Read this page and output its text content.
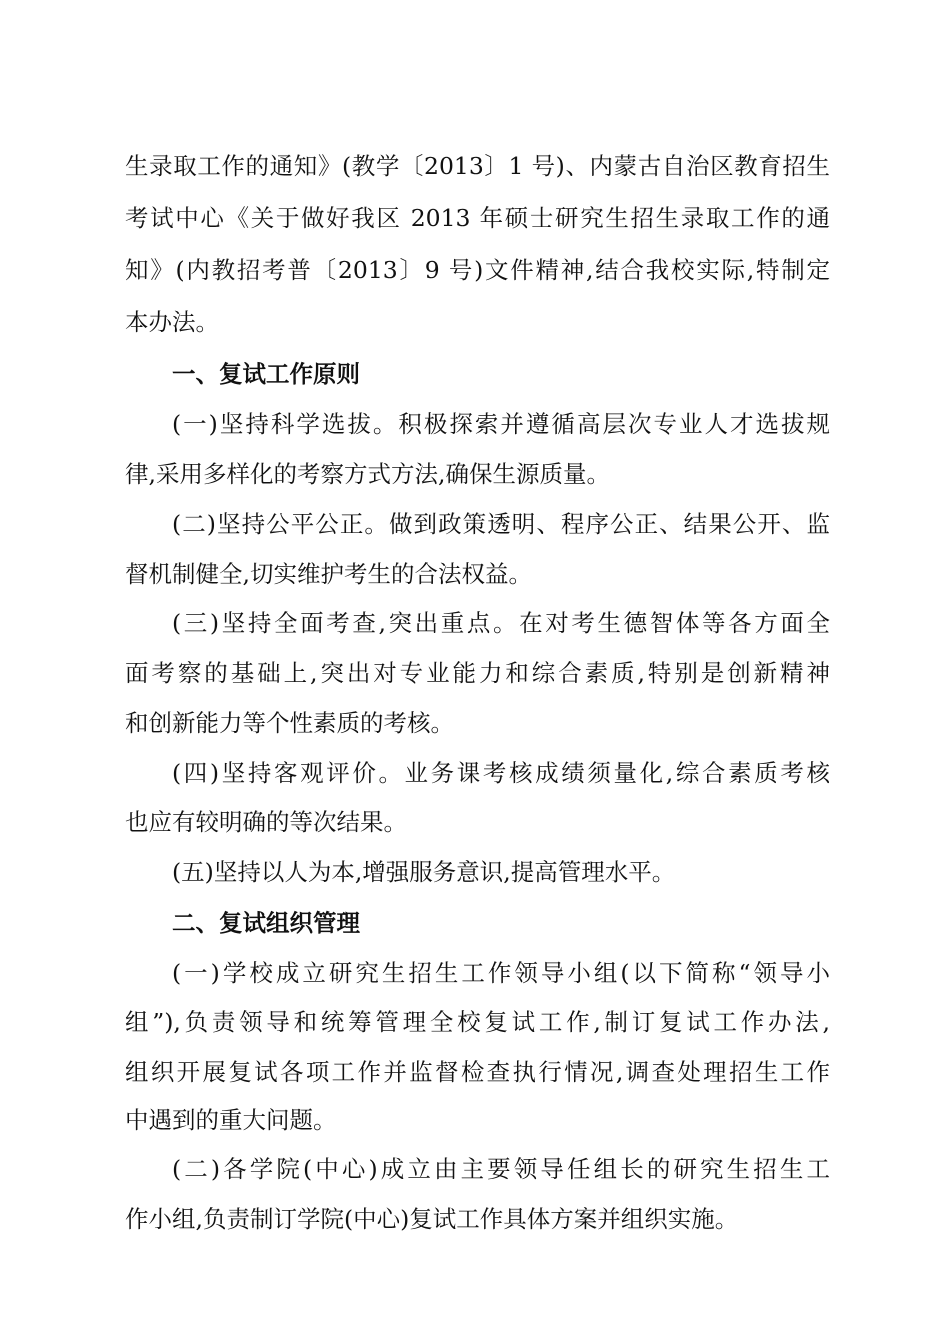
生录取工作的通知》(教学〔2013〕1 号)、内蒙古自治区教育招生
考试中心《关于做好我区 2013 年硕士研究生招生录取工作的通
知》(内教招考普〔2013〕9 号)文件精神,结合我校实际,特制定
本办法。
一、复试工作原则
(一)坚持科学选拔。积极探索并遵循高层次专业人才选拔规
律,采用多样化的考察方式方法,确保生源质量。
(二)坚持公平公正。做到政策透明、程序公正、结果公开、监
督机制健全,切实维护考生的合法权益。
(三)坚持全面考查,突出重点。在对考生德智体等各方面全
面考察的基础上,突出对专业能力和综合素质,特别是创新精神
和创新能力等个性素质的考核。
(四)坚持客观评价。业务课考核成绩须量化,综合素质考核
也应有较明确的等次结果。
(五)坚持以人为本,增强服务意识,提高管理水平。
二、复试组织管理
(一)学校成立研究生招生工作领导小组(以下简称“领导小
组”),负责领导和统筹管理全校复试工作,制订复试工作办法,
组织开展复试各项工作并监督检查执行情况,调查处理招生工作
中遇到的重大问题。
(二)各学院(中心)成立由主要领导任组长的研究生招生工
作小组,负责制订学院(中心)复试工作具体方案并组织实施。
